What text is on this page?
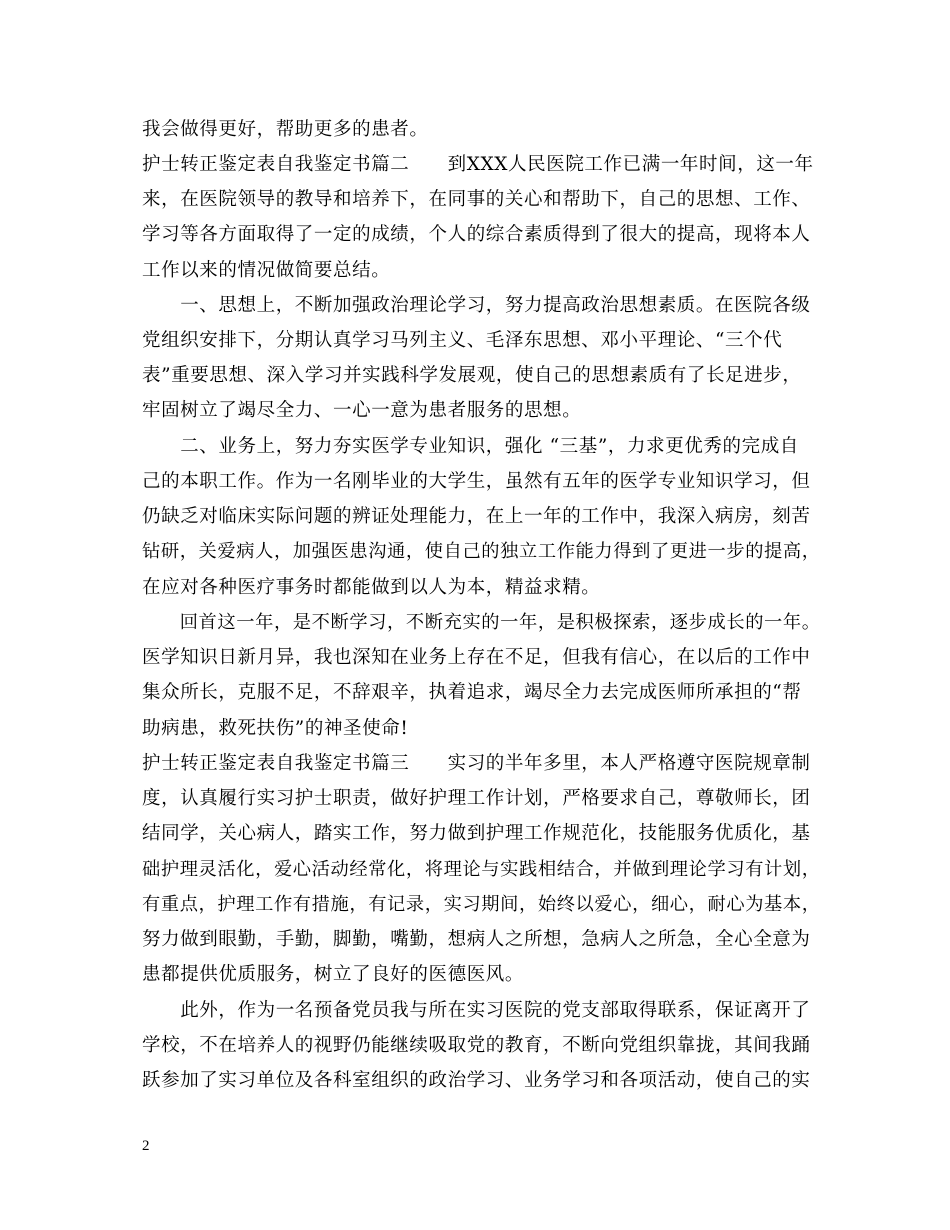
我会做得更好，帮助更多的患者。
护士转正鉴定表自我鉴定书篇二　　到XXX人民医院工作已满一年时间，这一年
来，在医院领导的教导和培养下，在同事的关心和帮助下，自己的思想、工作、
学习等各方面取得了一定的成绩，个人的综合素质得到了很大的提高，现将本人
工作以来的情况做简要总结。
　　一、思想上，不断加强政治理论学习，努力提高政治思想素质。在医院各级
党组织安排下，分期认真学习马列主义、毛泽东思想、邓小平理论、“三个代
表”重要思想、深入学习并实践科学发展观，使自己的思想素质有了长足进步，
牢固树立了竭尽全力、一心一意为患者服务的思想。
　　二、业务上，努力夯实医学专业知识，强化 “三基”，力求更优秀的完成自
己的本职工作。作为一名刚毕业的大学生，虽然有五年的医学专业知识学习，但
仍缺乏对临床实际问题的辨证处理能力，在上一年的工作中，我深入病房，刻苦
钻研，关爱病人，加强医患沟通，使自己的独立工作能力得到了更进一步的提高，
在应对各种医疗事务时都能做到以人为本，精益求精。
　　回首这一年，是不断学习，不断充实的一年，是积极探索，逐步成长的一年。
医学知识日新月异，我也深知在业务上存在不足，但我有信心，在以后的工作中
集众所长，克服不足，不辞艰辛，执着追求，竭尽全力去完成医师所承担的“帮
助病患，救死扶伤”的神圣使命!
护士转正鉴定表自我鉴定书篇三　　实习的半年多里，本人严格遵守医院规章制
度，认真履行实习护士职责，做好护理工作计划，严格要求自己，尊敬师长，团
结同学，关心病人，踏实工作，努力做到护理工作规范化，技能服务优质化，基
础护理灵活化，爱心活动经常化，将理论与实践相结合，并做到理论学习有计划，
有重点，护理工作有措施，有记录，实习期间，始终以爱心，细心，耐心为基本，
努力做到眼勤，手勤，脚勤，嘴勤，想病人之所想，急病人之所急，全心全意为
患都提供优质服务，树立了良好的医德医风。
　　此外，作为一名预备党员我与所在实习医院的党支部取得联系，保证离开了
学校，不在培养人的视野仍能继续吸取党的教育，不断向党组织靠拢，其间我踊
跃参加了实习单位及各科室组织的政治学习、业务学习和各项活动，使自己的实
2
